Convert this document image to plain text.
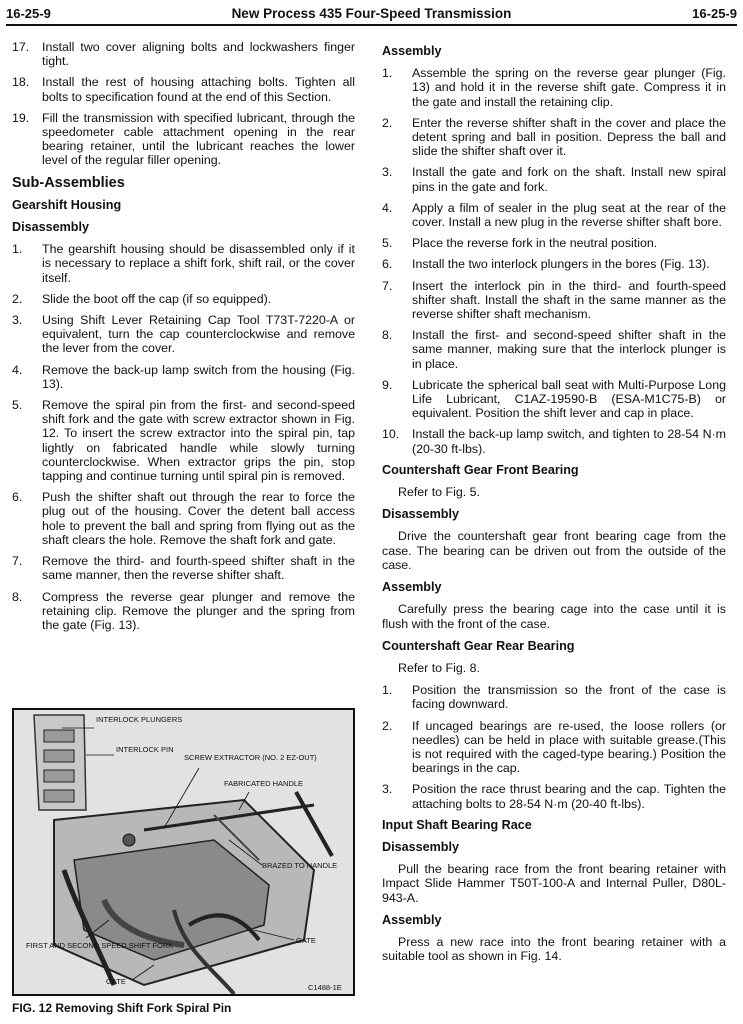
16-25-9	New Process 435 Four-Speed Transmission	16-25-9
17.	Install two cover aligning bolts and lockwashers finger tight.
18.	Install the rest of housing attaching bolts. Tighten all bolts to specification found at the end of this Section.
19.	Fill the transmission with specified lubricant, through the speedometer cable attachment opening in the rear bearing retainer, until the lubricant reaches the lower level of the regular filler opening.
Sub-Assemblies
Gearshift Housing
Disassembly
1.	The gearshift housing should be disassembled only if it is necessary to replace a shift fork, shift rail, or the cover itself.
2.	Slide the boot off the cap (if so equipped).
3.	Using Shift Lever Retaining Cap Tool T73T-7220-A or equivalent, turn the cap counterclockwise and remove the lever from the cover.
4.	Remove the back-up lamp switch from the housing (Fig. 13).
5.	Remove the spiral pin from the first- and second-speed shift fork and the gate with screw extractor shown in Fig. 12. To insert the screw extractor into the spiral pin, tap lightly on fabricated handle while slowly turning counterclockwise. When extractor grips the pin, stop tapping and continue turning until spiral pin is removed.
6.	Push the shifter shaft out through the rear to force the plug out of the housing. Cover the detent ball access hole to prevent the ball and spring from flying out as the shaft clears the hole. Remove the shaft fork and gate.
7.	Remove the third- and fourth-speed shifter shaft in the same manner, then the reverse shifter shaft.
8.	Compress the reverse gear plunger and remove the retaining clip. Remove the plunger and the spring from the gate (Fig. 13).
INTERLOCK PLUNGERS
INTERLOCK PIN
SCREW EXTRACTOR (NO. 2 EZ-OUT)
FABRICATED HANDLE
BRAZED TO HANDLE
GATE
FIRST AND SECOND SPEED SHIFT FORK
GATE
C1488-1E
FIG. 12 Removing Shift Fork Spiral Pin
Assembly
1.	Assemble the spring on the reverse gear plunger (Fig. 13) and hold it in the reverse shift gate. Compress it in the gate and install the retaining clip.
2.	Enter the reverse shifter shaft in the cover and place the detent spring and ball in position. Depress the ball and slide the shifter shaft over it.
3.	Install the gate and fork on the shaft. Install new spiral pins in the gate and fork.
4.	Apply a film of sealer in the plug seat at the rear of the cover. Install a new plug in the reverse shifter shaft bore.
5.	Place the reverse fork in the neutral position.
6.	Install the two interlock plungers in the bores (Fig. 13).
7.	Insert the interlock pin in the third- and fourth-speed shifter shaft. Install the shaft in the same manner as the reverse shifter shaft mechanism.
8.	Install the first- and second-speed shifter shaft in the same manner, making sure that the interlock plunger is in place.
9.	Lubricate the spherical ball seat with Multi-Purpose Long Life Lubricant, C1AZ-19590-B (ESA-M1C75-B) or equivalent. Position the shift lever and cap in place.
10.	Install the back-up lamp switch, and tighten to 28-54 N·m (20-30 ft-lbs).
Countershaft Gear Front Bearing

Refer to Fig. 5.

Disassembly

Drive the countershaft gear front bearing cage from the case. The bearing can be driven out from the outside of the case.

Assembly

Carefully press the bearing cage into the case until it is flush with the front of the case.

Countershaft Gear Rear Bearing

Refer to Fig. 8.

1.	Position the transmission so the front of the case is facing downward.
2.	If uncaged bearings are re-used, the loose rollers (or needles) can be held in place with suitable grease.(This is not required with the caged-type bearing.) Position the bearings in the cap.
3.	Position the race thrust bearing and the cap. Tighten the attaching bolts to 28-54 N·m (20-40 ft-lbs).
Input Shaft Bearing Race
Disassembly

Pull the bearing race from the front bearing retainer with Impact Slide Hammer T50T-100-A and Internal Puller, D80L-943-A.

Assembly

Press a new race into the front bearing retainer with a suitable tool as shown in Fig. 14.
